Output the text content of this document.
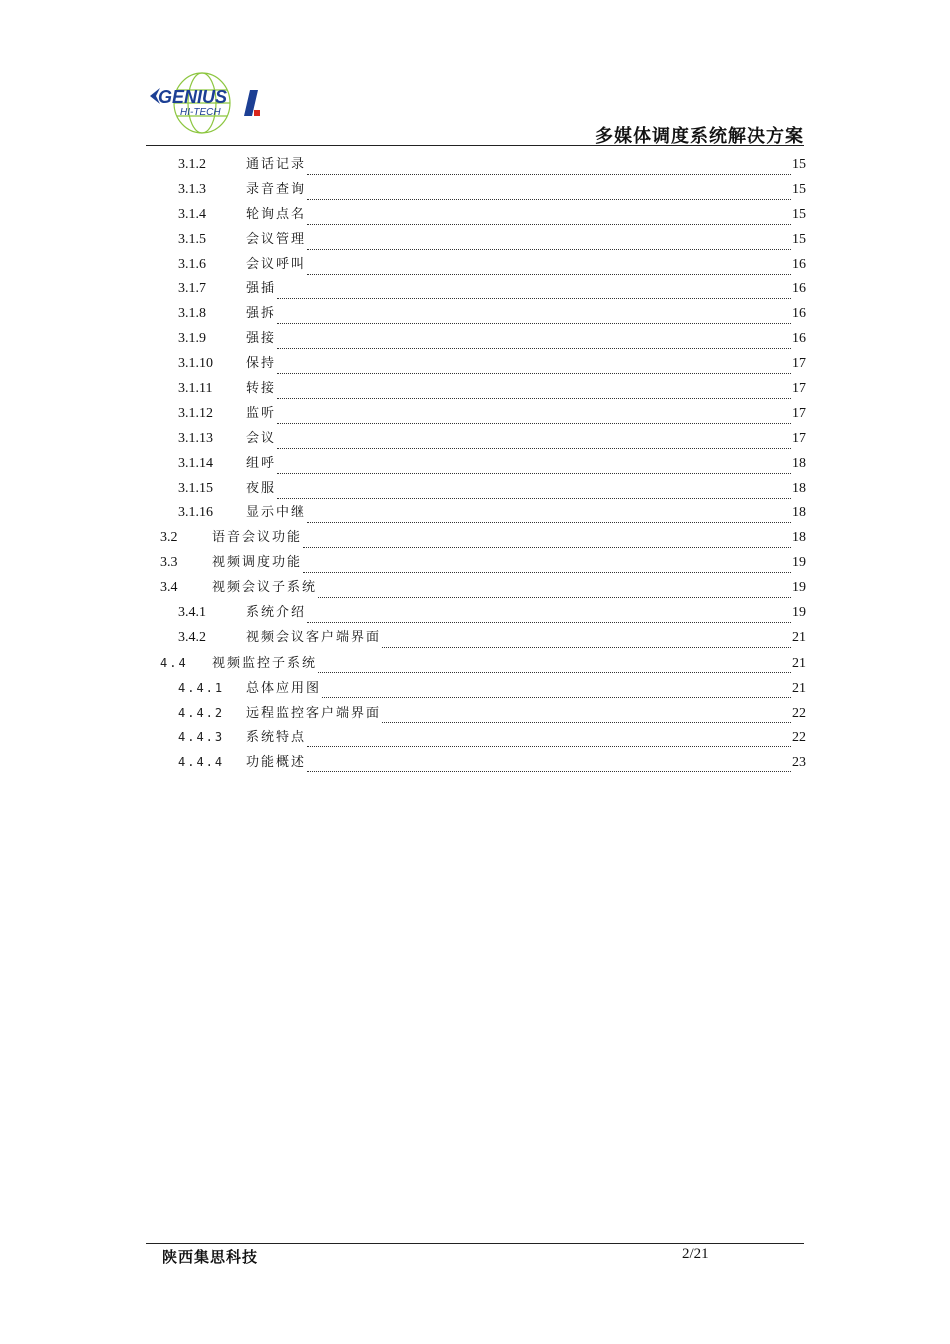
GENIUS
HI-TECH
多媒体调度系统解决方案
3.1.2	通话记录	15
3.1.3	录音查询	15
3.1.4	轮询点名	15
3.1.5	会议管理	15
3.1.6	会议呼叫	16
3.1.7	强插	16
3.1.8	强拆	16
3.1.9	强接	16
3.1.10	保持	17
3.1.11	转接	17
3.1.12	监听	17
3.1.13	会议	17
3.1.14	组呼	18
3.1.15	夜服	18
3.1.16	显示中继	18
3.2	语音会议功能	18
3.3	视频调度功能	19
3.4	视频会议子系统	19
3.4.1	系统介绍	19
3.4.2	视频会议客户端界面	21
4.4	视频监控子系统	21
4.4.1	总体应用图	21
4.4.2	远程监控客户端界面	22
4.4.3	系统特点	22
4.4.4	功能概述	23
陕西集思科技	2/21
